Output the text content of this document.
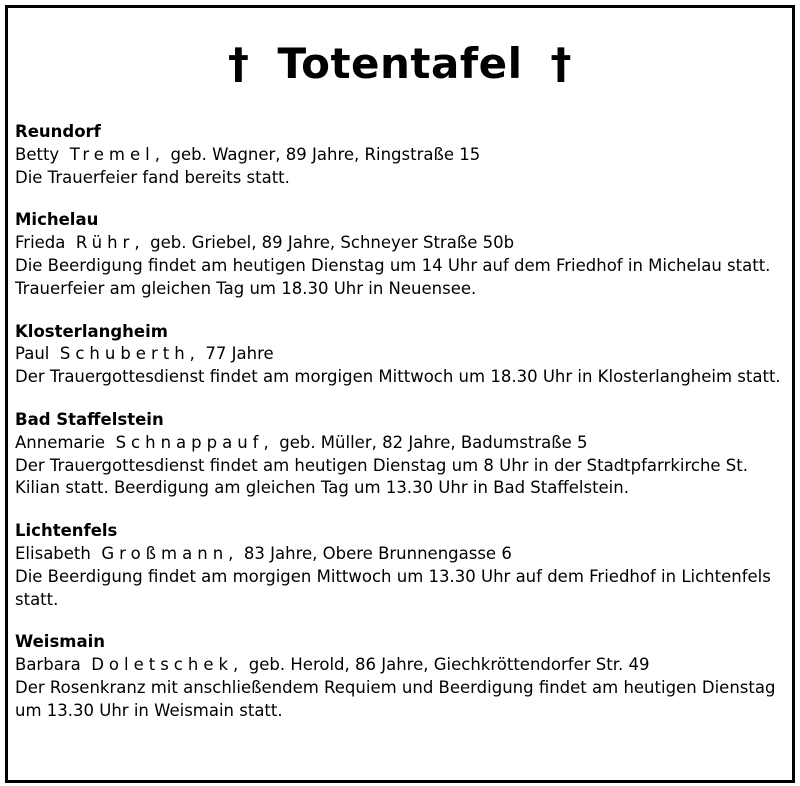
† Totentafel †
Reundorf
Betty Tremel,  geb. Wagner, 89 Jahre, Ringstraße 15
Die Trauerfeier fand bereits statt.
Michelau
Frieda Rühr,  geb. Griebel, 89 Jahre, Schneyer Straße 50b
Die Beerdigung findet am heutigen Dienstag um 14 Uhr auf dem Friedhof in Michelau statt. Trauerfeier am gleichen Tag um 18.30 Uhr in Neuensee.
Klosterlangheim
Paul Schuberth,  77 Jahre
Der Trauergottesdienst findet am morgigen Mittwoch um 18.30 Uhr in Klosterlangheim statt.
Bad Staffelstein
Annemarie Schnappauf,  geb. Müller, 82 Jahre, Badumstraße 5
Der Trauergottesdienst findet am heutigen Dienstag um 8 Uhr in der Stadtpfarrkirche St. Kilian statt. Beerdigung am gleichen Tag um 13.30 Uhr in Bad Staffelstein.
Lichtenfels
Elisabeth Großmann,  83 Jahre, Obere Brunnengasse 6
Die Beerdigung findet am morgigen Mittwoch um 13.30 Uhr auf dem Friedhof in Lichtenfels statt.
Weismain
Barbara Doletschek,  geb. Herold, 86 Jahre, Giechkröttendorfer Str. 49
Der Rosenkranz mit anschließendem Requiem und Beerdigung findet am heutigen Dienstag um 13.30 Uhr in Weismain statt.
